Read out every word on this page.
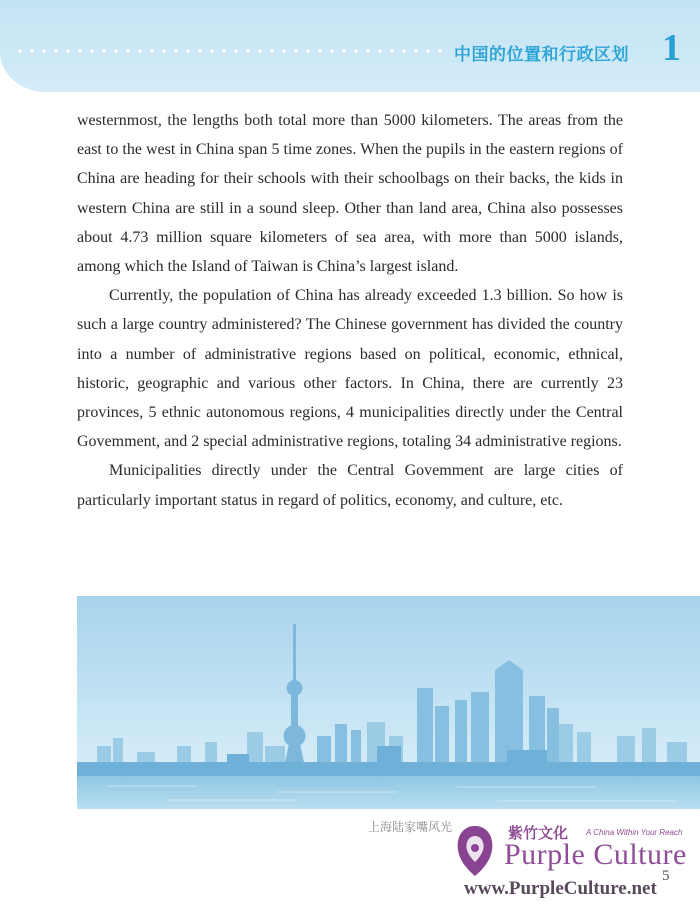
中国的位置和行政区划 1

westernmost, the lengths both total more than 5000 kilometers. The areas from the east to the west in China span 5 time zones. When the pupils in the eastern regions of China are heading for their schools with their schoolbags on their backs, the kids in western China are still in a sound sleep. Other than land area, China also possesses about 4.73 million square kilometers of sea area, with more than 5000 islands, among which the Island of Taiwan is China’s largest island.

Currently, the population of China has already exceeded 1.3 billion. So how is such a large country administered? The Chinese government has divided the country into a number of administrative regions based on political, economic, ethnical, historic, geographic and various other factors. In China, there are currently 23 provinces, 5 ethnic autonomous regions, 4 municipalities directly under the Central Govemment, and 2 special administrative regions, totaling 34 administrative regions.

Municipalities directly under the Central Govemment are large cities of particularly important status in regard of politics, economy, and culture, etc.

上海陆家嘴风光	紫竹文化 A China Within Your Reach
Purple Culture
www.PurpleCulture.net
5
